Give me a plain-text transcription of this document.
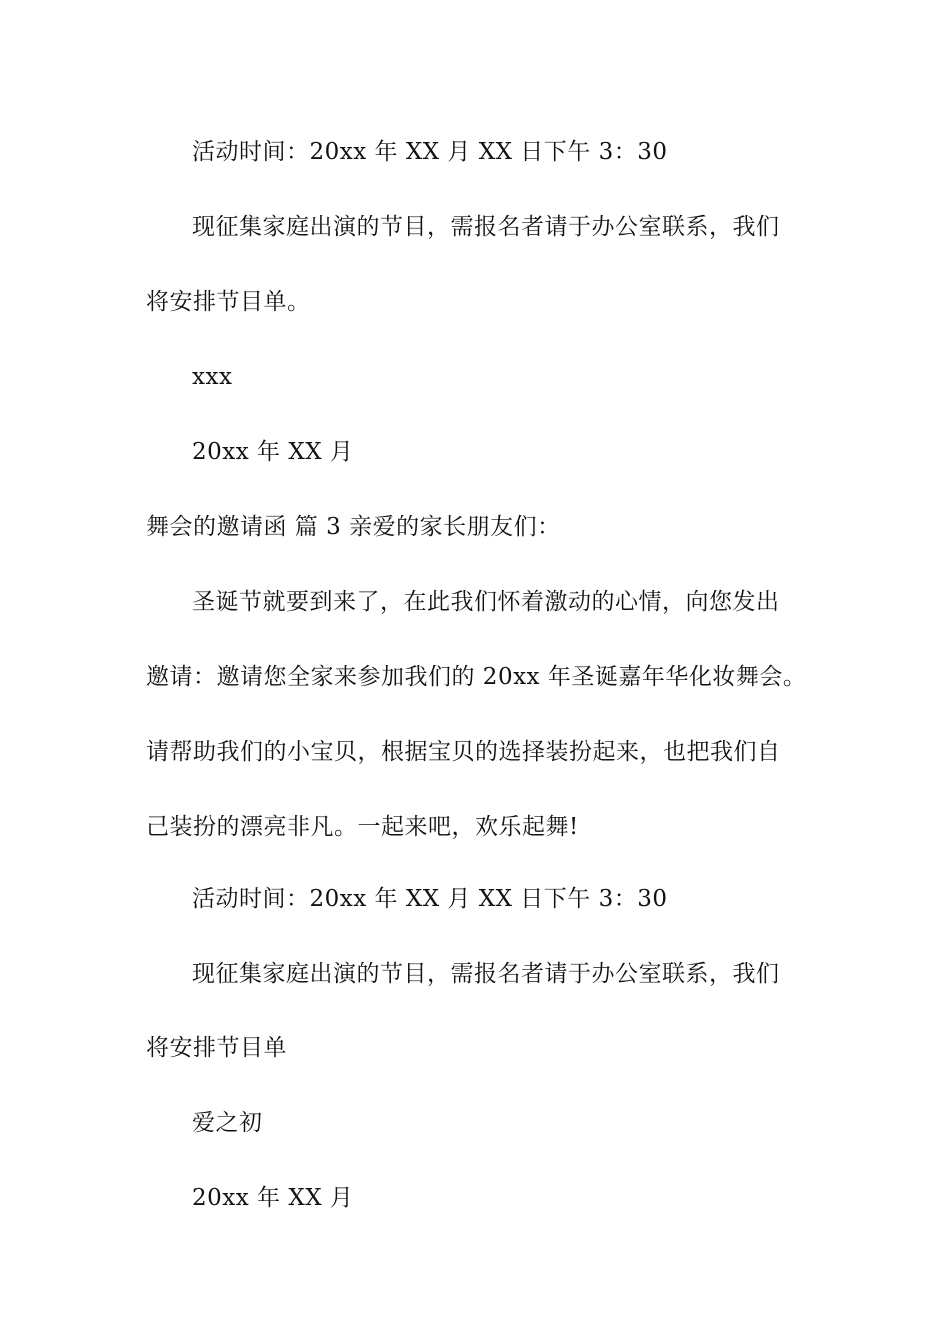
活动时间：20xx 年 XX 月 XX 日下午 3：30
现征集家庭出演的节目，需报名者请于办公室联系，我们
将安排节目单。
xxx
20xx 年 XX 月
舞会的邀请函 篇 3 亲爱的家长朋友们：
圣诞节就要到来了，在此我们怀着激动的心情，向您发出
邀请：邀请您全家来参加我们的 20xx 年圣诞嘉年华化妆舞会。
请帮助我们的小宝贝，根据宝贝的选择装扮起来，也把我们自
己装扮的漂亮非凡。一起来吧，欢乐起舞!
活动时间：20xx 年 XX 月 XX 日下午 3：30
现征集家庭出演的节目，需报名者请于办公室联系，我们
将安排节目单
爱之初
20xx 年 XX 月
